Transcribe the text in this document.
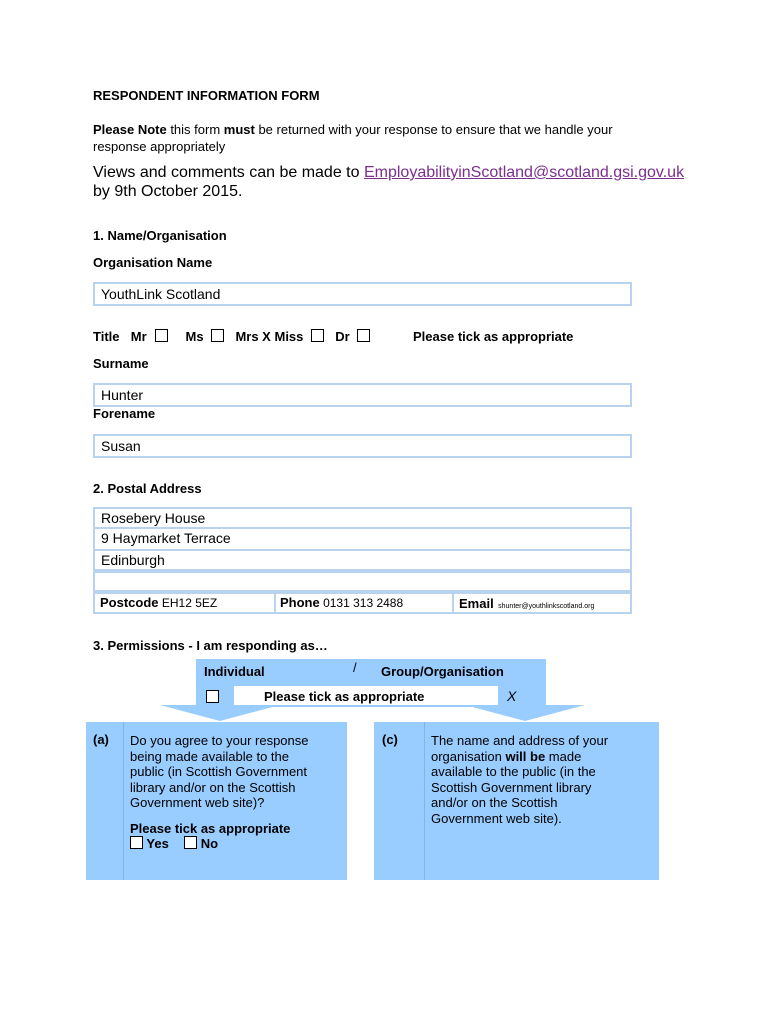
RESPONDENT INFORMATION FORM
Please Note this form must be returned with your response to ensure that we handle your
response appropriately
Views and comments can be made to EmployabilityinScotland@scotland.gsi.gov.uk
by 9th October 2015.
1. Name/Organisation
Organisation Name
YouthLink Scotland
Title Mr	Ms Mrs X Miss Dr	Please tick as appropriate
Surname
Hunter
Forename
Susan
2. Postal Address
Rosebery House
9 Haymarket Terrace
Edinburgh
Postcode EH12 5EZ	Phone 0131 313 2488	Email shunter@youthlinkscotland.org
3. Permissions - I am responding as…
Individual	/ Group/Organisation
Please tick as appropriate	X
(a) Do you agree to your response
being made available to the
public (in Scottish Government
library and/or on the Scottish
Government web site)?
Please tick as appropriate
Yes No
(c)	The name and address of your
organisation will be made
available to the public (in the
Scottish Government library
and/or on the Scottish
Government web site).
